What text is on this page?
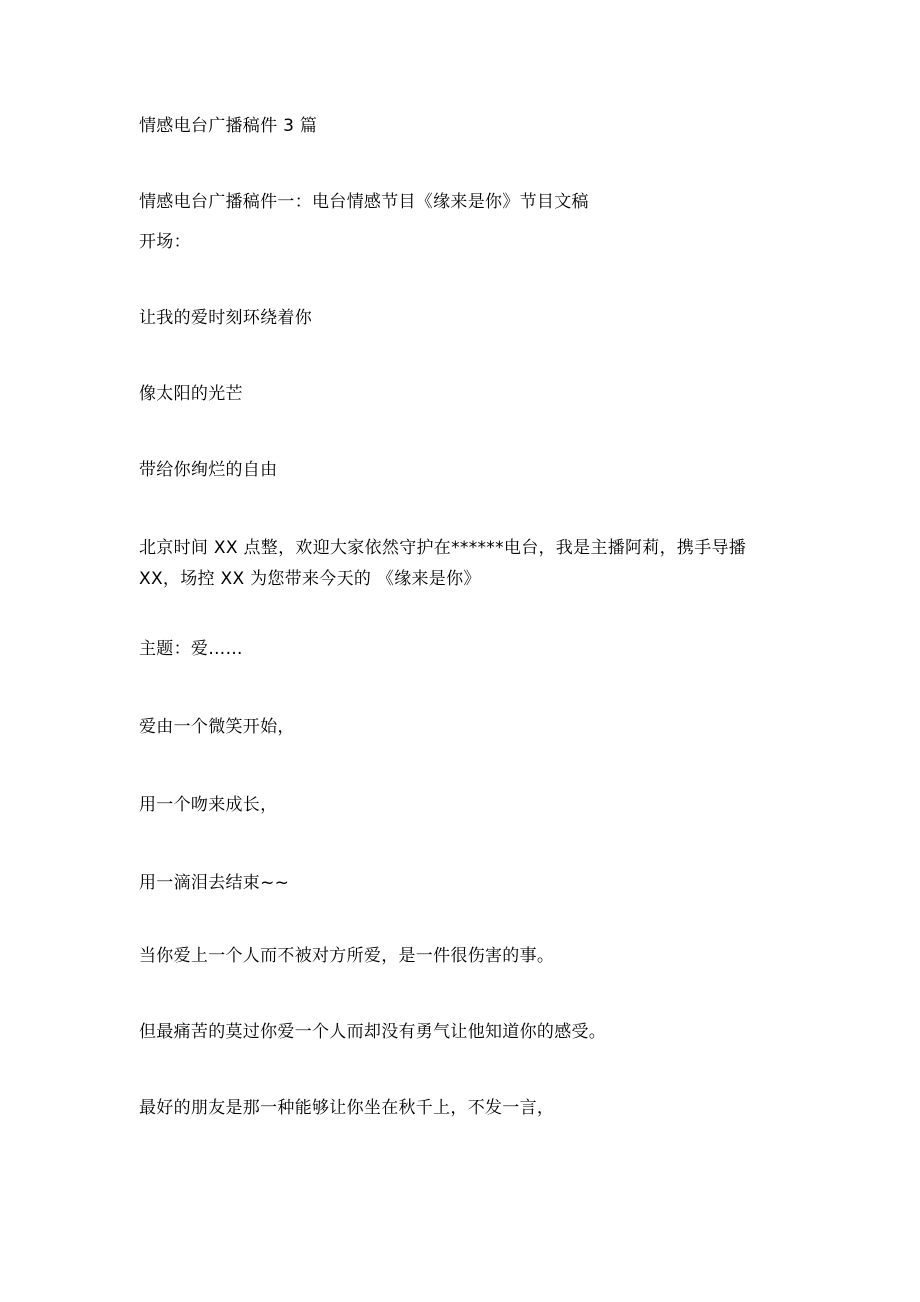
情感电台广播稿件 3 篇
情感电台广播稿件一：电台情感节目《缘来是你》节目文稿
开场：
让我的爱时刻环绕着你
像太阳的光芒
带给你绚烂的自由
北京时间 XX 点整，欢迎大家依然守护在******电台，我是主播阿莉，携手导播
XX，场控 XX 为您带来今天的 《缘来是你》
主题：爱……
爱由一个微笑开始，
用一个吻来成长，
用一滴泪去结束~~
当你爱上一个人而不被对方所爱，是一件很伤害的事。
但最痛苦的莫过你爱一个人而却没有勇气让他知道你的感受。
最好的朋友是那一种能够让你坐在秋千上，不发一言，
